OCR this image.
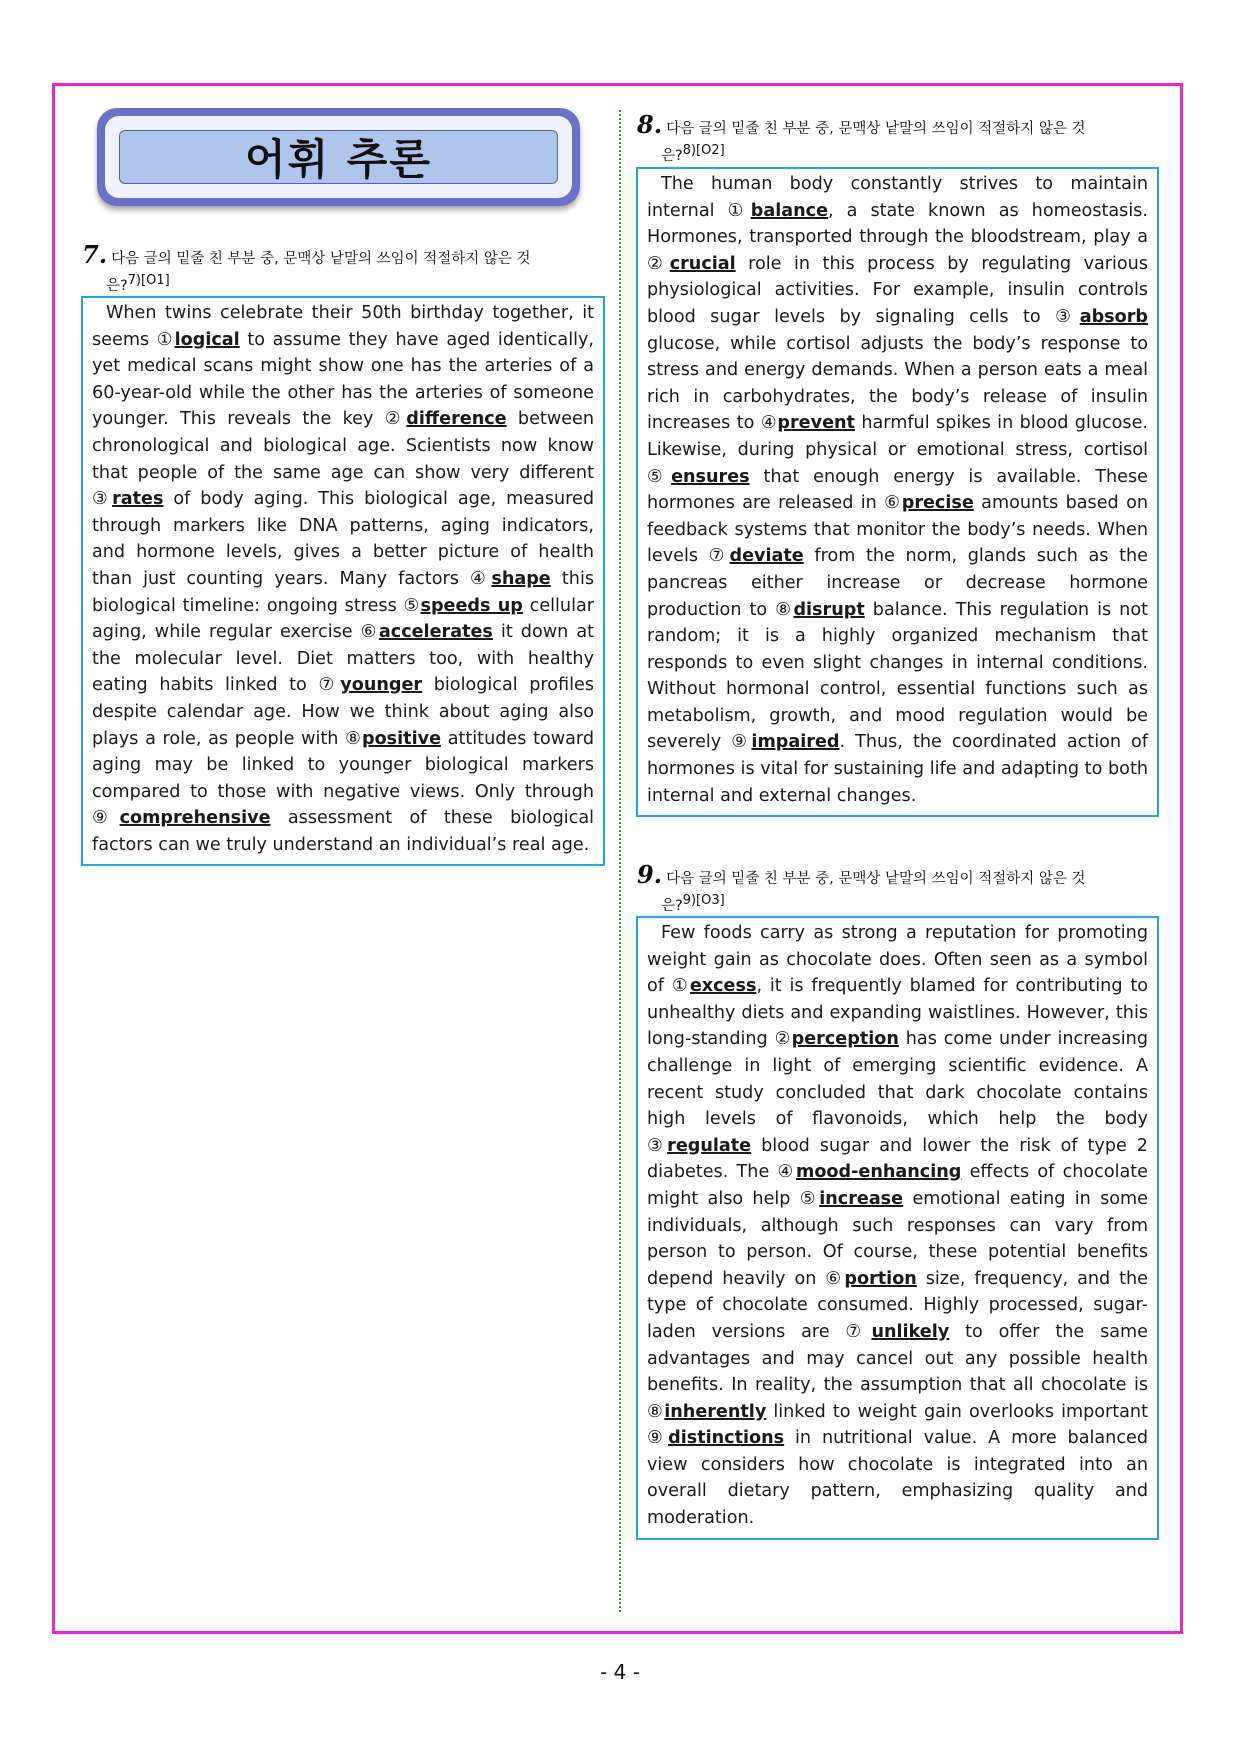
어휘 추론
7. 다음 글의 밑줄 친 부분 중, 문맥상 낱말의 쓰임이 적절하지 않은 것
은?$^{7)[O1]}$

When twins celebrate their 50th birthday together, it seems ①logical to assume they have aged identically, yet medical scans might show one has the arteries of a 60-year-old while the other has the arteries of someone younger. This reveals the key ②difference between chronological and biological age. Scientists now know that people of the same age can show very different ③rates of body aging. This biological age, measured through markers like DNA patterns, aging indicators, and hormone levels, gives a better picture of health than just counting years. Many factors ④shape this biological timeline: ongoing stress ⑤speeds up cellular aging, while regular exercise ⑥accelerates it down at the molecular level. Diet matters too, with healthy eating habits linked to ⑦younger biological profiles despite calendar age. How we think about aging also plays a role, as people with ⑧positive attitudes toward aging may be linked to younger biological markers compared to those with negative views. Only through ⑨comprehensive assessment of these biological factors can we truly understand an individual’s real age.

8. 다음 글의 밑줄 친 부분 중, 문맥상 낱말의 쓰임이 적절하지 않은 것
은?$^{8)[O2]}$

The human body constantly strives to maintain internal ①balance, a state known as homeostasis. Hormones, transported through the bloodstream, play a ②crucial role in this process by regulating various physiological activities. For example, insulin controls blood sugar levels by signaling cells to ③absorb glucose, while cortisol adjusts the body’s response to stress and energy demands. When a person eats a meal rich in carbohydrates, the body’s release of insulin increases to ④prevent harmful spikes in blood glucose. Likewise, during physical or emotional stress, cortisol ⑤ensures that enough energy is available. These hormones are released in ⑥precise amounts based on feedback systems that monitor the body’s needs. When levels ⑦deviate from the norm, glands such as the pancreas either increase or decrease hormone production to ⑧disrupt balance. This regulation is not random; it is a highly organized mechanism that responds to even slight changes in internal conditions. Without hormonal control, essential functions such as metabolism, growth, and mood regulation would be severely ⑨impaired. Thus, the coordinated action of hormones is vital for sustaining life and adapting to both internal and external changes.

9. 다음 글의 밑줄 친 부분 중, 문맥상 낱말의 쓰임이 적절하지 않은 것
은?$^{9)[O3]}$

Few foods carry as strong a reputation for promoting weight gain as chocolate does. Often seen as a symbol of ①excess, it is frequently blamed for contributing to unhealthy diets and expanding waistlines. However, this long-standing ②perception has come under increasing challenge in light of emerging scientific evidence. A recent study concluded that dark chocolate contains high levels of flavonoids, which help the body ③regulate blood sugar and lower the risk of type 2 diabetes. The ④mood-enhancing effects of chocolate might also help ⑤increase emotional eating in some individuals, although such responses can vary from person to person. Of course, these potential benefits depend heavily on ⑥portion size, frequency, and the type of chocolate consumed. Highly processed, sugar-laden versions are ⑦unlikely to offer the same advantages and may cancel out any possible health benefits. In reality, the assumption that all chocolate is ⑧inherently linked to weight gain overlooks important ⑨distinctions in nutritional value. A more balanced view considers how chocolate is integrated into an overall dietary pattern, emphasizing quality and moderation.

- 4 -
